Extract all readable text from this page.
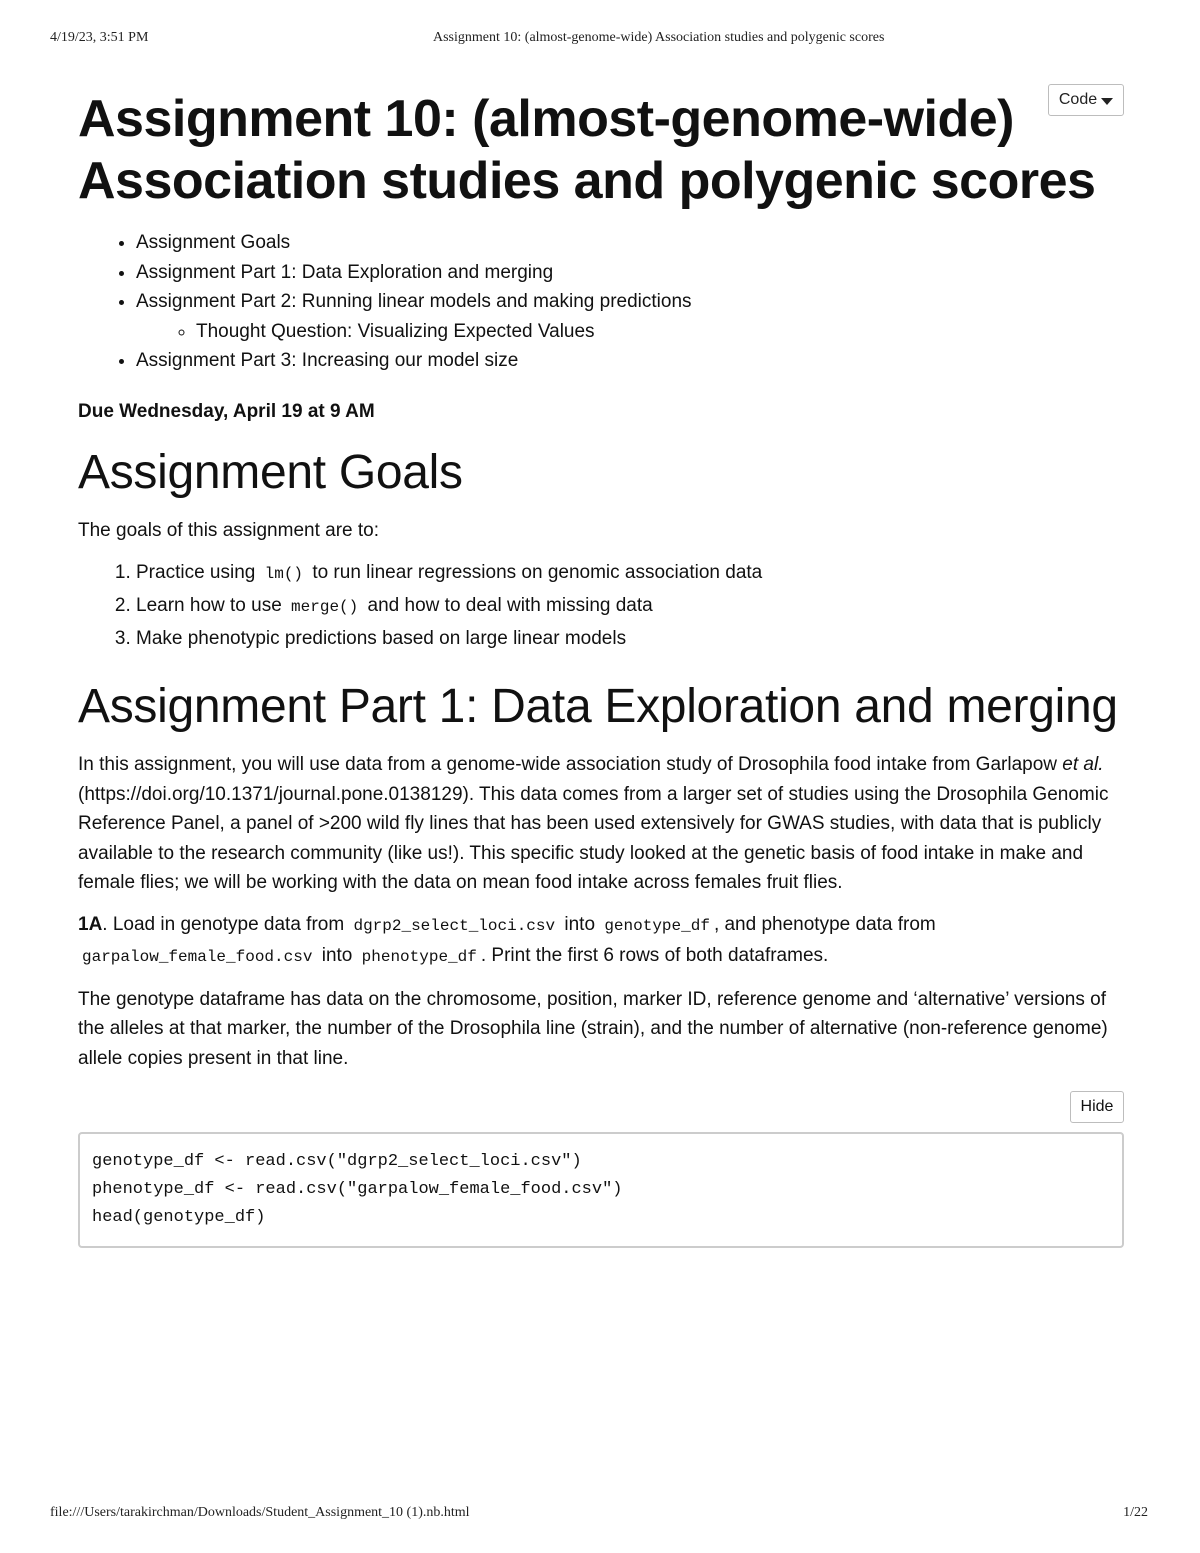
4/19/23, 3:51 PM	Assignment 10: (almost-genome-wide) Association studies and polygenic scores
Code
Assignment 10: (almost-genome-wide) Association studies and polygenic scores
• Assignment Goals
• Assignment Part 1: Data Exploration and merging
• Assignment Part 2: Running linear models and making predictions
◦ Thought Question: Visualizing Expected Values
• Assignment Part 3: Increasing our model size
Due Wednesday, April 19 at 9 AM
Assignment Goals

The goals of this assignment are to:

1. Practice using lm() to run linear regressions on genomic association data
2. Learn how to use merge() and how to deal with missing data
3. Make phenotypic predictions based on large linear models
Assignment Part 1: Data Exploration and merging

In this assignment, you will use data from a genome-wide association study of Drosophila food intake from Garlapow et al. (https://doi.org/10.1371/journal.pone.0138129). This data comes from a larger set of studies using the Drosophila Genomic Reference Panel, a panel of >200 wild fly lines that has been used extensively for GWAS studies, with data that is publicly available to the research community (like us!). This specific study looked at the genetic basis of food intake in make and female flies; we will be working with the data on mean food intake across females fruit flies.

1A. Load in genotype data from dgrp2_select_loci.csv into genotype_df , and phenotype data from garpalow_female_food.csv into phenotype_df . Print the first 6 rows of both dataframes.

The genotype dataframe has data on the chromosome, position, marker ID, reference genome and ‘alternative’ versions of the alleles at that marker, the number of the Drosophila line (strain), and the number of alternative (non-reference genome) allele copies present in that line.

Hide
genotype_df <- read.csv("dgrp2_select_loci.csv")
phenotype_df <- read.csv("garpalow_female_food.csv")
head(genotype_df)
file:///Users/tarakirchman/Downloads/Student_Assignment_10 (1).nb.html	1/22
